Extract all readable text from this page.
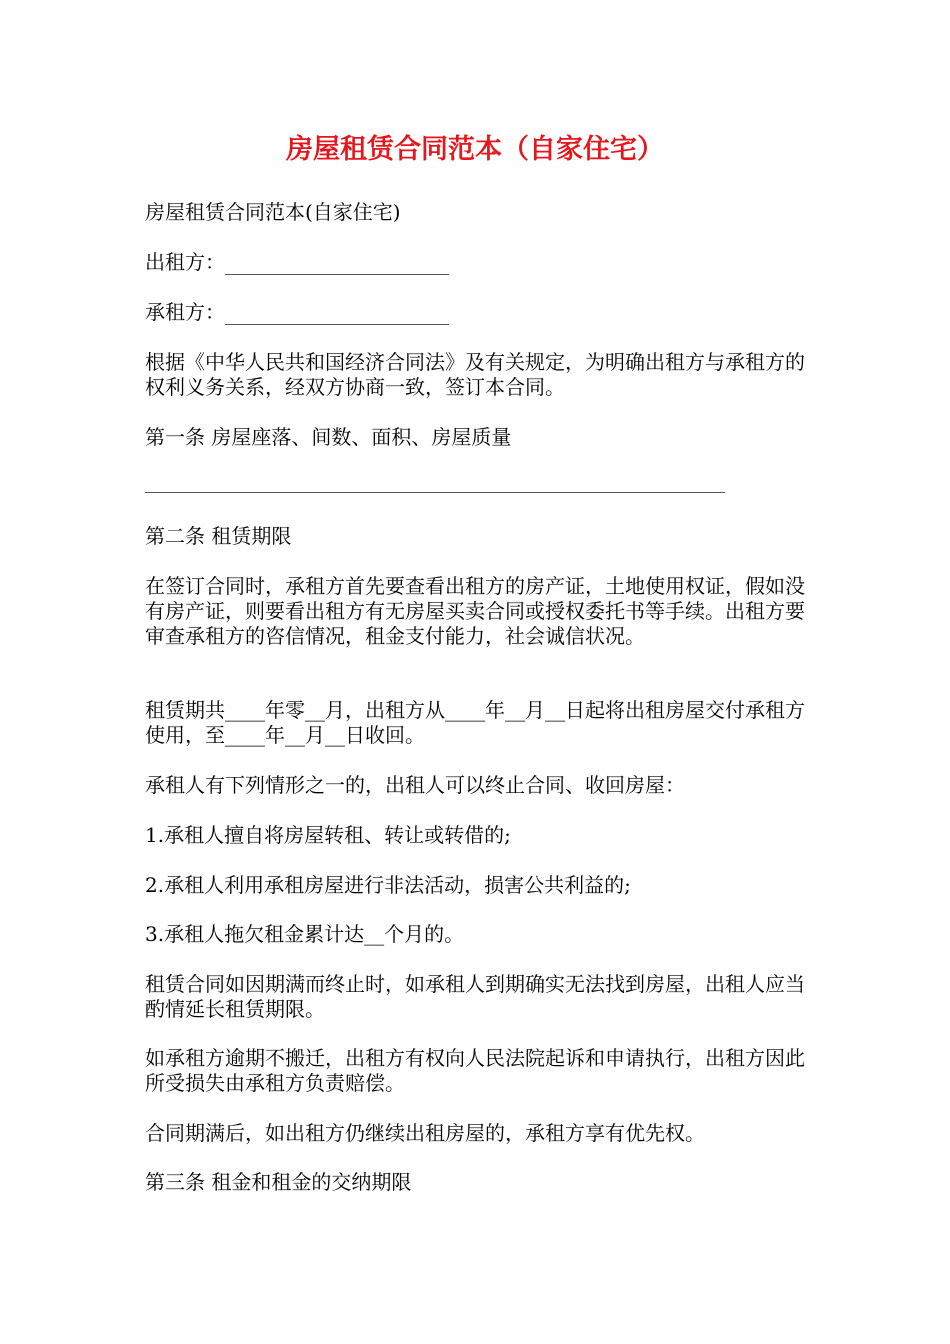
房屋租赁合同范本（自家住宅）

房屋租赁合同范本(自家住宅)

出租方：

承租方：

根据《中华人民共和国经济合同法》及有关规定，为明确出租方与承租方的权利义务关系，经双方协商一致，签订本合同。

第一条 房屋座落、间数、面积、房屋质量

第二条 租赁期限

在签订合同时，承租方首先要查看出租方的房产证，土地使用权证，假如没有房产证，则要看出租方有无房屋买卖合同或授权委托书等手续。出租方要审查承租方的咨信情况，租金支付能力，社会诚信状况。

租赁期共____年零__月，出租方从____年__月__日起将出租房屋交付承租方使用，至____年__月__日收回。

承租人有下列情形之一的，出租人可以终止合同、收回房屋：

1.承租人擅自将房屋转租、转让或转借的;

2.承租人利用承租房屋进行非法活动，损害公共利益的;

3.承租人拖欠租金累计达__个月的。

租赁合同如因期满而终止时，如承租人到期确实无法找到房屋，出租人应当酌情延长租赁期限。

如承租方逾期不搬迁，出租方有权向人民法院起诉和申请执行，出租方因此所受损失由承租方负责赔偿。

合同期满后，如出租方仍继续出租房屋的，承租方享有优先权。

第三条 租金和租金的交纳期限
